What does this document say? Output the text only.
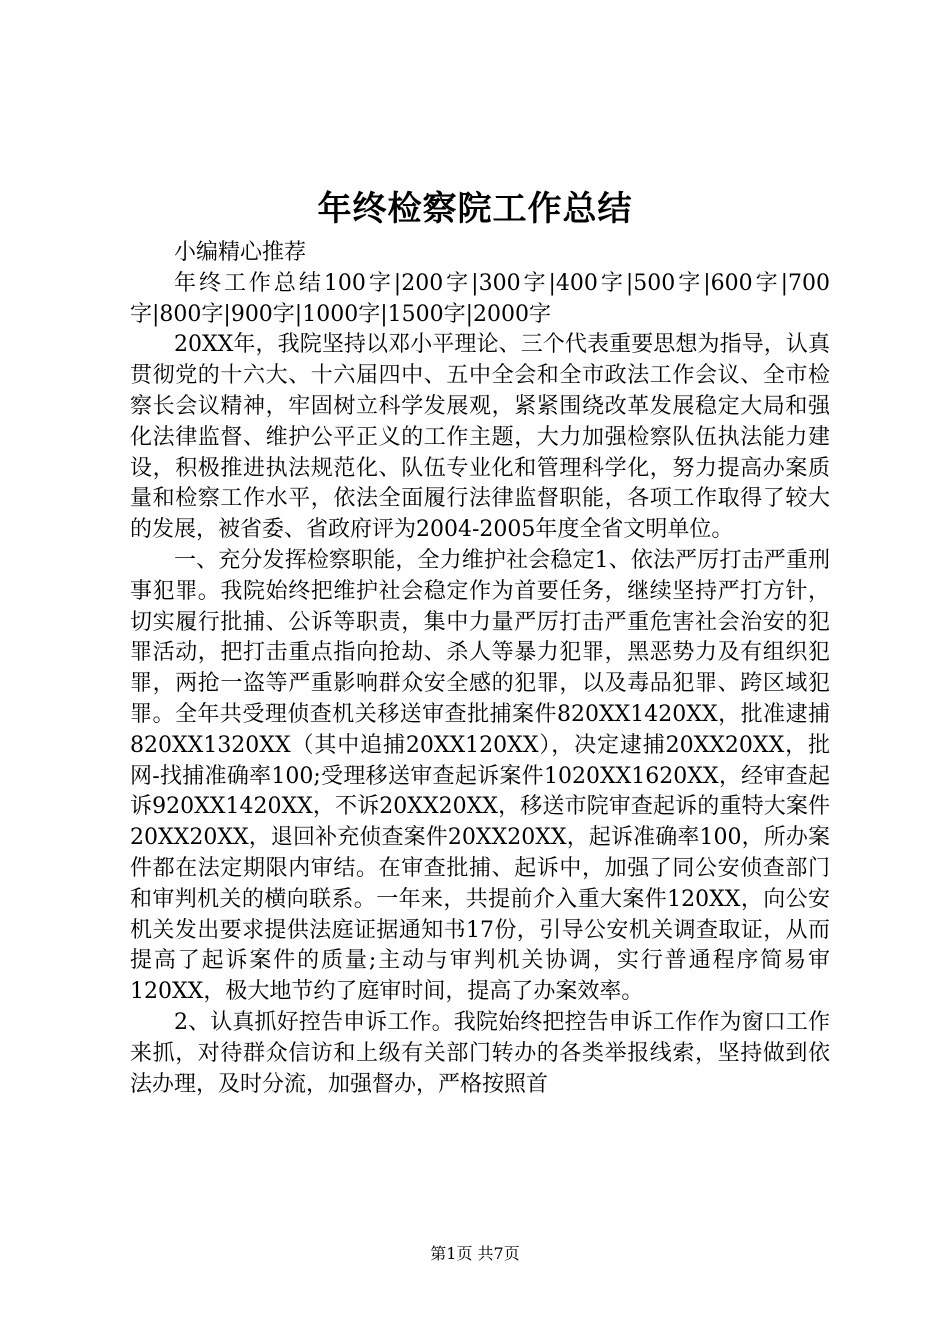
年终检察院工作总结

小编精心推荐

年终工作总结100字|200字|300字|400字|500字|600字|700字|800字|900字|1000字|1500字|2000字

20XX年，我院坚持以邓小平理论、三个代表重要思想为指导，认真贯彻党的十六大、十六届四中、五中全会和全市政法工作会议、全市检察长会议精神，牢固树立科学发展观，紧紧围绕改革发展稳定大局和强化法律监督、维护公平正义的工作主题，大力加强检察队伍执法能力建设，积极推进执法规范化、队伍专业化和管理科学化，努力提高办案质量和检察工作水平，依法全面履行法律监督职能，各项工作取得了较大的发展，被省委、省政府评为2004-2005年度全省文明单位。

一、充分发挥检察职能，全力维护社会稳定1、依法严厉打击严重刑事犯罪。我院始终把维护社会稳定作为首要任务，继续坚持严打方针，切实履行批捕、公诉等职责，集中力量严厉打击严重危害社会治安的犯罪活动，把打击重点指向抢劫、杀人等暴力犯罪，黑恶势力及有组织犯罪，两抢一盗等严重影响群众安全感的犯罪，以及毒品犯罪、跨区域犯罪。全年共受理侦查机关移送审查批捕案件820XX1420XX，批准逮捕820XX1320XX（其中追捕20XX120XX），决定逮捕20XX20XX，批网-找捕准确率100;受理移送审查起诉案件1020XX1620XX，经审查起诉920XX1420XX，不诉20XX20XX，移送市院审查起诉的重特大案件20XX20XX，退回补充侦查案件20XX20XX，起诉准确率100，所办案件都在法定期限内审结。在审查批捕、起诉中，加强了同公安侦查部门和审判机关的横向联系。一年来，共提前介入重大案件120XX，向公安机关发出要求提供法庭证据通知书17份，引导公安机关调查取证，从而提高了起诉案件的质量;主动与审判机关协调，实行普通程序简易审120XX，极大地节约了庭审时间，提高了办案效率。

2、认真抓好控告申诉工作。我院始终把控告申诉工作作为窗口工作来抓，对待群众信访和上级有关部门转办的各类举报线索，坚持做到依法办理，及时分流，加强督办，严格按照首

第1页 共7页
